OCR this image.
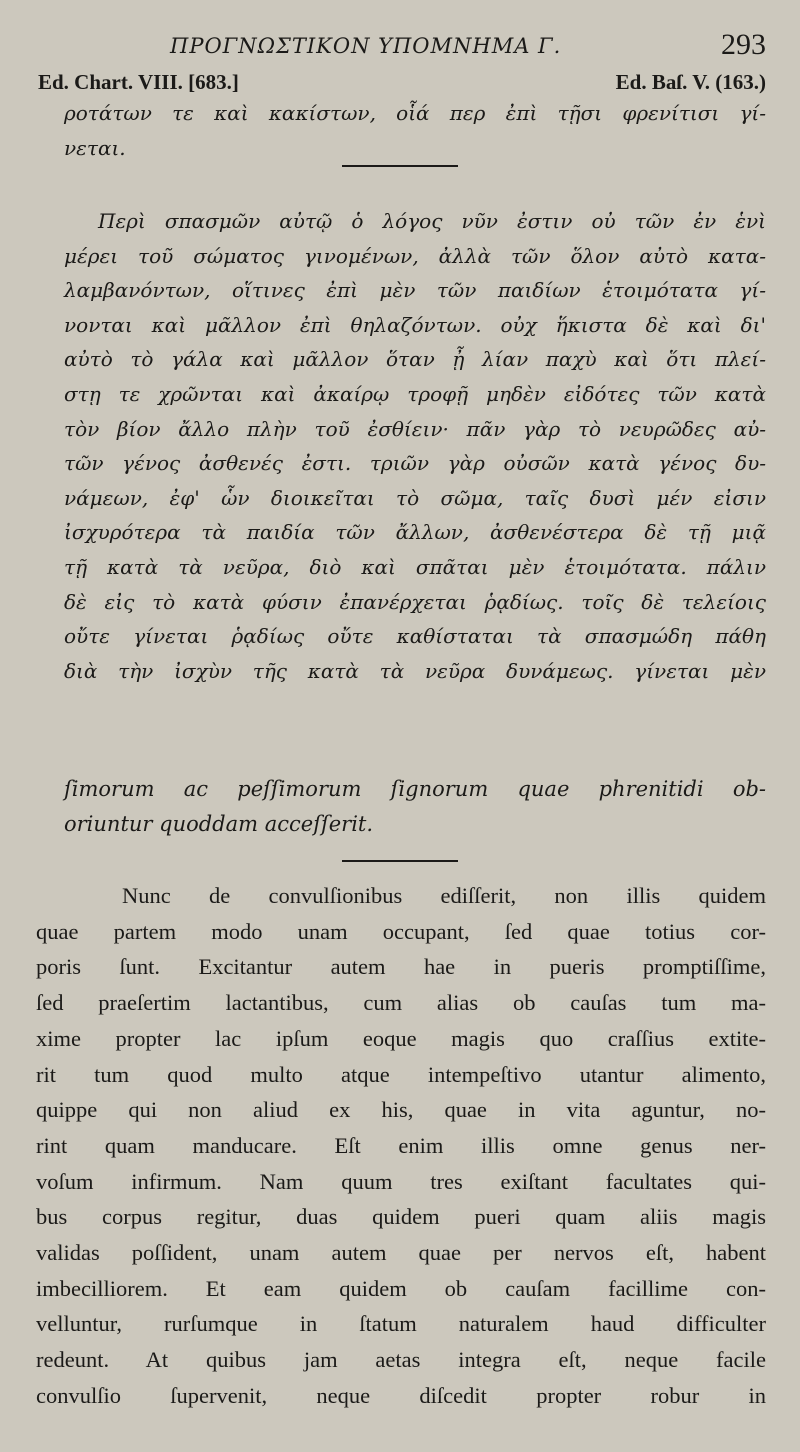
ΠΡΟΓΝΩΣΤΙΚΟΝ ΥΠΟΜΝΗΜΑ Γ.	293
Ed. Chart. VIII. [683.]	Ed. Baſ. V. (163.)
ροτάτων τε καὶ κακίστων, οἷά περ ἐπὶ τῇσι φρενίτισι γί-
νεται.
Περὶ σπασμῶν αὐτῷ ὁ λόγος νῦν ἐστιν οὐ τῶν ἐν ἑνὶ
μέρει τοῦ σώματος γινομένων, ἀλλὰ τῶν ὅλον αὐτὸ κατα-
λαμβανόντων, οἵτινες ἐπὶ μὲν τῶν παιδίων ἑτοιμότατα γί-
νονται καὶ μᾶλλον ἐπὶ θηλαζόντων. οὐχ ἥκιστα δὲ καὶ δι'
αὐτὸ τὸ γάλα καὶ μᾶλλον ὅταν ᾖ λίαν παχὺ καὶ ὅτι πλεί-
στῃ τε χρῶνται καὶ ἀκαίρῳ τροφῇ μηδὲν εἰδότες τῶν κατὰ
τὸν βίον ἄλλο πλὴν τοῦ ἐσθίειν· πᾶν γὰρ τὸ νευρῶδες αὐ-
τῶν γένος ἀσθενές ἐστι. τριῶν γὰρ οὐσῶν κατὰ γένος δυ-
νάμεων, ἐφ' ὧν διοικεῖται τὸ σῶμα, ταῖς δυσὶ μέν εἰσιν
ἰσχυρότερα τὰ παιδία τῶν ἄλλων, ἀσθενέστερα δὲ τῇ μιᾷ
τῇ κατὰ τὰ νεῦρα, διὸ καὶ σπᾶται μὲν ἑτοιμότατα. πάλιν
δὲ εἰς τὸ κατὰ φύσιν ἐπανέρχεται ῥᾳδίως. τοῖς δὲ τελείοις
οὔτε γίνεται ῥᾳδίως οὔτε καθίσταται τὰ σπασμώδη πάθη
διὰ τὴν ἰσχὺν τῆς κατὰ τὰ νεῦρα δυνάμεως. γίνεται μὲν
ſimorum ac peſſimorum ſignorum quae phrenitidi ob-
oriuntur quoddam acceſſerit.
Nunc de convulſionibus ediſſerit, non illis quidem
quae partem modo unam occupant, ſed quae totius cor-
poris ſunt. Excitantur autem hae in pueris promptiſſime,
ſed praeſertim lactantibus, cum alias ob cauſas tum ma-
xime propter lac ipſum eoque magis quo craſſius extite-
rit tum quod multo atque intempeſtivo utantur alimento,
quippe qui non aliud ex his, quae in vita aguntur, no-
rint quam manducare. Eſt enim illis omne genus ner-
voſum infirmum. Nam quum tres exiſtant facultates qui-
bus corpus regitur, duas quidem pueri quam aliis magis
validas poſſident, unam autem quae per nervos eſt, habent
imbecilliorem. Et eam quidem ob cauſam facillime con-
velluntur, rurſumque in ſtatum naturalem haud difficulter
redeunt. At quibus jam aetas integra eſt, neque facile
convulſio ſupervenit, neque diſcedit propter robur in
